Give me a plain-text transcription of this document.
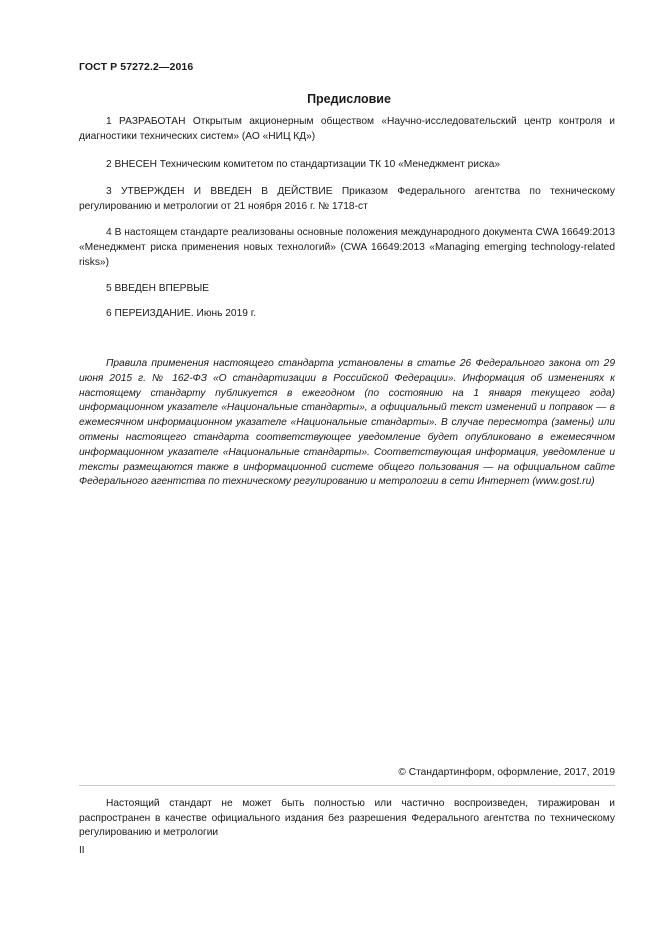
ГОСТ Р 57272.2—2016
Предисловие

1 РАЗРАБОТАН Открытым акционерным обществом «Научно-исследовательский центр контроля и диагностики технических систем» (АО «НИЦ КД»)

2 ВНЕСЕН Техническим комитетом по стандартизации ТК 10 «Менеджмент риска»

3 УТВЕРЖДЕН И ВВЕДЕН В ДЕЙСТВИЕ Приказом Федерального агентства по техническому регулированию и метрологии от 21 ноября 2016 г. № 1718-ст

4 В настоящем стандарте реализованы основные положения международного документа CWA 16649:2013 «Менеджмент риска применения новых технологий» (CWA 16649:2013 «Managing emerging technology-related risks»)

5 ВВЕДЕН ВПЕРВЫЕ

6 ПЕРЕИЗДАНИЕ. Июнь 2019 г.

Правила применения настоящего стандарта установлены в статье 26 Федерального закона от 29 июня 2015 г. № 162-ФЗ «О стандартизации в Российской Федерации». Информация об изменениях к настоящему стандарту публикуется в ежегодном (по состоянию на 1 января текущего года) информационном указателе «Национальные стандарты», а официальный текст изменений и поправок — в ежемесячном информационном указателе «Национальные стандарты». В случае пересмотра (замены) или отмены настоящего стандарта соответствующее уведомление будет опубликовано в ежемесячном информационном указателе «Национальные стандарты». Соответствующая информация, уведомление и тексты размещаются также в информационной системе общего пользования — на официальном сайте Федерального агентства по техническому регулированию и метрологии в сети Интернет (www.gost.ru)

© Стандартинформ, оформление, 2017, 2019

Настоящий стандарт не может быть полностью или частично воспроизведен, тиражирован и распространен в качестве официального издания без разрешения Федерального агентства по техническому регулированию и метрологии

II
